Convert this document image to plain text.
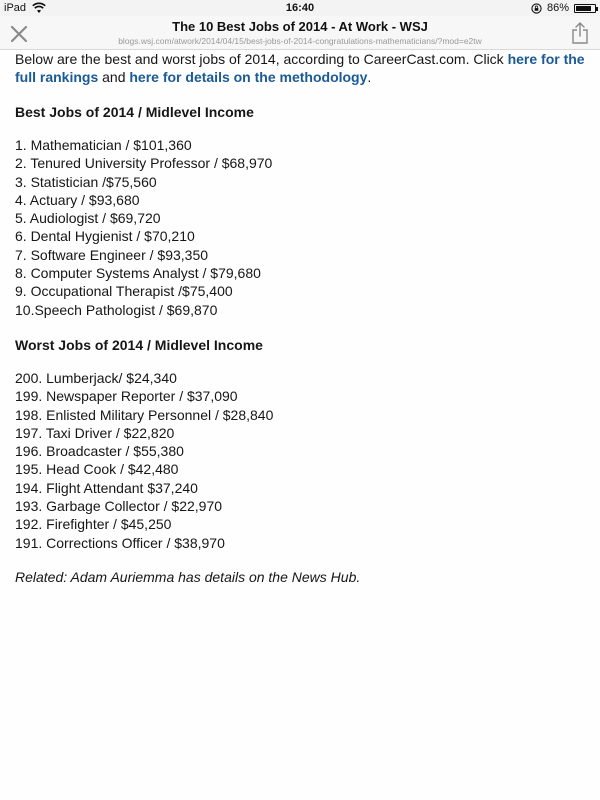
iPad	16:40	86%
The 10 Best Jobs of 2014 - At Work - WSJ
blogs.wsj.com/atwork/2014/04/15/best-jobs-of-2014-congratulations-mathematicians/?mod=e2tw

Below are the best and worst jobs of 2014, according to CareerCast.com. Click here for the full rankings and here for details on the methodology.

Best Jobs of 2014 / Midlevel Income
1. Mathematician / $101,360
2. Tenured University Professor / $68,970
3. Statistician /$75,560
4. Actuary / $93,680
5. Audiologist / $69,720
6. Dental Hygienist / $70,210
7. Software Engineer / $93,350
8. Computer Systems Analyst / $79,680
9. Occupational Therapist /$75,400
10.Speech Pathologist / $69,870
Worst Jobs of 2014 / Midlevel Income
200. Lumberjack/ $24,340
199. Newspaper Reporter / $37,090
198. Enlisted Military Personnel / $28,840
197. Taxi Driver / $22,820
196. Broadcaster / $55,380
195. Head Cook / $42,480
194. Flight Attendant $37,240
193. Garbage Collector / $22,970
192. Firefighter / $45,250
191. Corrections Officer / $38,970

Related: Adam Auriemma has details on the News Hub.
